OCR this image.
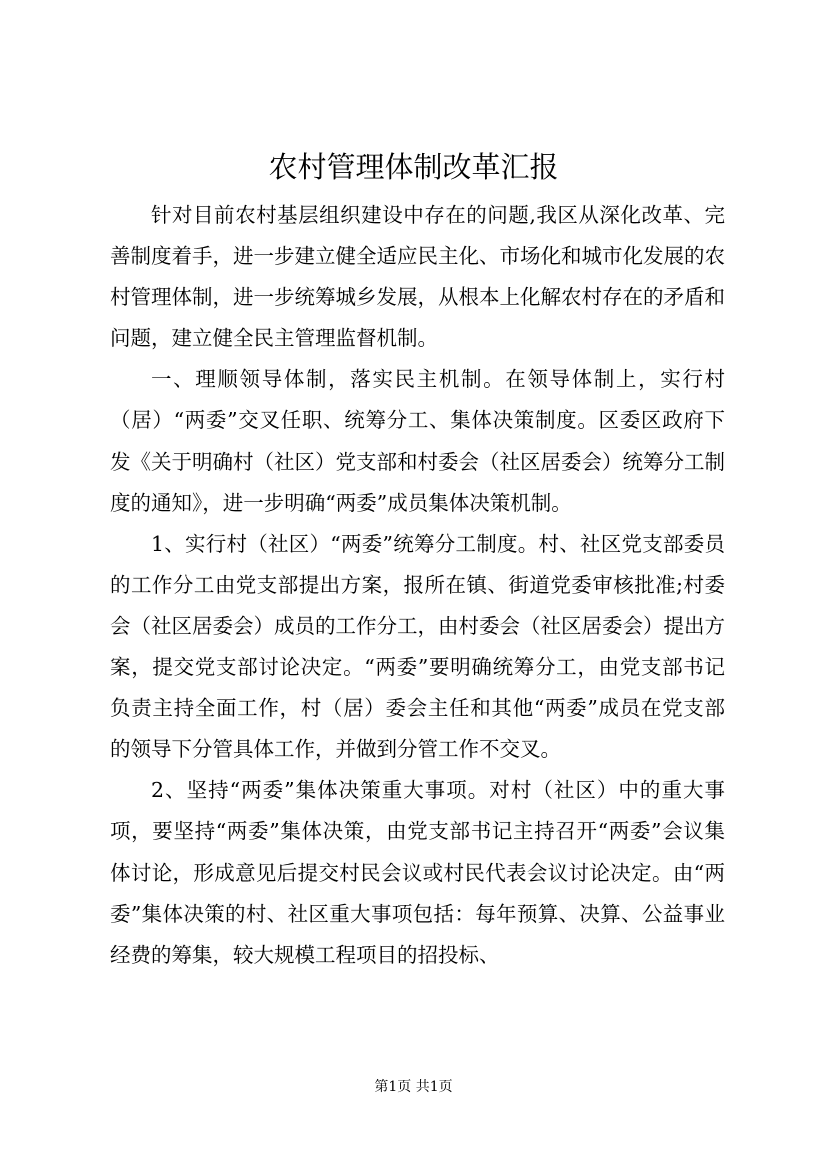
农村管理体制改革汇报

针对目前农村基层组织建设中存在的问题,我区从深化改革、完善制度着手，进一步建立健全适应民主化、市场化和城市化发展的农村管理体制，进一步统筹城乡发展，从根本上化解农村存在的矛盾和问题，建立健全民主管理监督机制。

一、理顺领导体制，落实民主机制。在领导体制上，实行村（居）“两委”交叉任职、统筹分工、集体决策制度。区委区政府下发《关于明确村（社区）党支部和村委会（社区居委会）统筹分工制度的通知》，进一步明确“两委”成员集体决策机制。

1、实行村（社区）“两委”统筹分工制度。村、社区党支部委员的工作分工由党支部提出方案，报所在镇、街道党委审核批准;村委会（社区居委会）成员的工作分工，由村委会（社区居委会）提出方案，提交党支部讨论决定。“两委”要明确统筹分工，由党支部书记负责主持全面工作，村（居）委会主任和其他“两委”成员在党支部的领导下分管具体工作，并做到分管工作不交叉。

2、坚持“两委”集体决策重大事项。对村（社区）中的重大事项，要坚持“两委”集体决策，由党支部书记主持召开“两委”会议集体讨论，形成意见后提交村民会议或村民代表会议讨论决定。由“两委”集体决策的村、社区重大事项包括：每年预算、决算、公益事业经费的筹集，较大规模工程项目的招投标、

第1页 共1页
